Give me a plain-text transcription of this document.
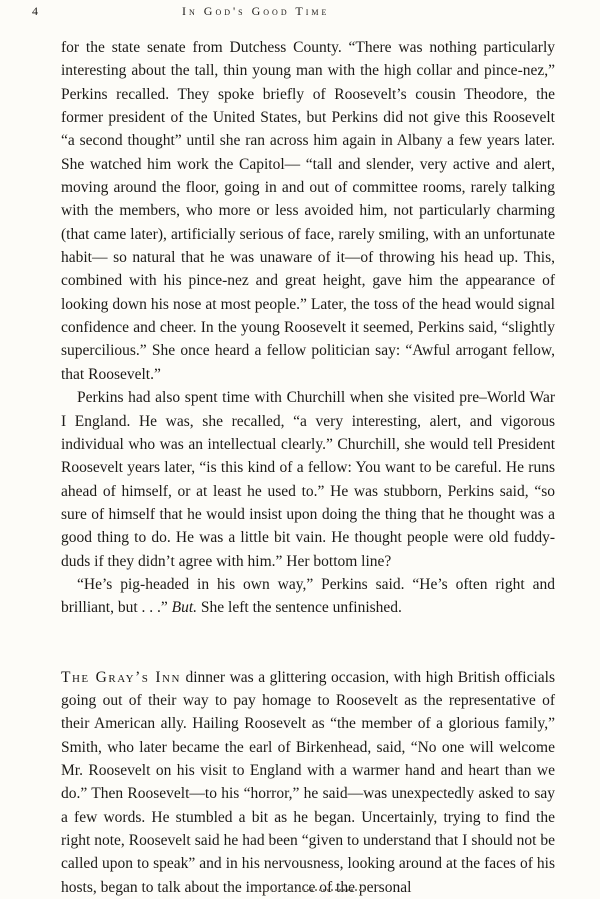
4	In God's Good Time

for the state senate from Dutchess County. “There was nothing particularly interesting about the tall, thin young man with the high collar and pince-nez,” Perkins recalled. They spoke briefly of Roosevelt’s cousin Theodore, the former president of the United States, but Perkins did not give this Roosevelt “a second thought” until she ran across him again in Albany a few years later. She watched him work the Capitol— “tall and slender, very active and alert, moving around the floor, going in and out of committee rooms, rarely talking with the members, who more or less avoided him, not particularly charming (that came later), artificially serious of face, rarely smiling, with an unfortunate habit— so natural that he was unaware of it—of throwing his head up. This, combined with his pince-nez and great height, gave him the appearance of looking down his nose at most people.” Later, the toss of the head would signal confidence and cheer. In the young Roosevelt it seemed, Perkins said, “slightly supercilious.” She once heard a fellow politician say: “Awful arrogant fellow, that Roosevelt.”

Perkins had also spent time with Churchill when she visited pre–World War I England. He was, she recalled, “a very interesting, alert, and vigorous individual who was an intellectual clearly.” Churchill, she would tell President Roosevelt years later, “is this kind of a fellow: You want to be careful. He runs ahead of himself, or at least he used to.” He was stubborn, Perkins said, “so sure of himself that he would insist upon doing the thing that he thought was a good thing to do. He was a little bit vain. He thought people were old fuddy-duds if they didn’t agree with him.” Her bottom line?

“He’s pig-headed in his own way,” Perkins said. “He’s often right and brilliant, but . . .” But. She left the sentence unfinished.

The Gray’s Inn dinner was a glittering occasion, with high British officials going out of their way to pay homage to Roosevelt as the representative of their American ally. Hailing Roosevelt as “the member of a glorious family,” Smith, who later became the earl of Birkenhead, said, “No one will welcome Mr. Roosevelt on his visit to England with a warmer hand and heart than we do.” Then Roosevelt—to his “horror,” he said—was unexpectedly asked to say a few words. He stumbled a bit as he began. Uncertainly, trying to find the right note, Roosevelt said he had been “given to understand that I should not be called upon to speak” and in his nervousness, looking around at the faces of his hosts, began to talk about the importance of the personal
